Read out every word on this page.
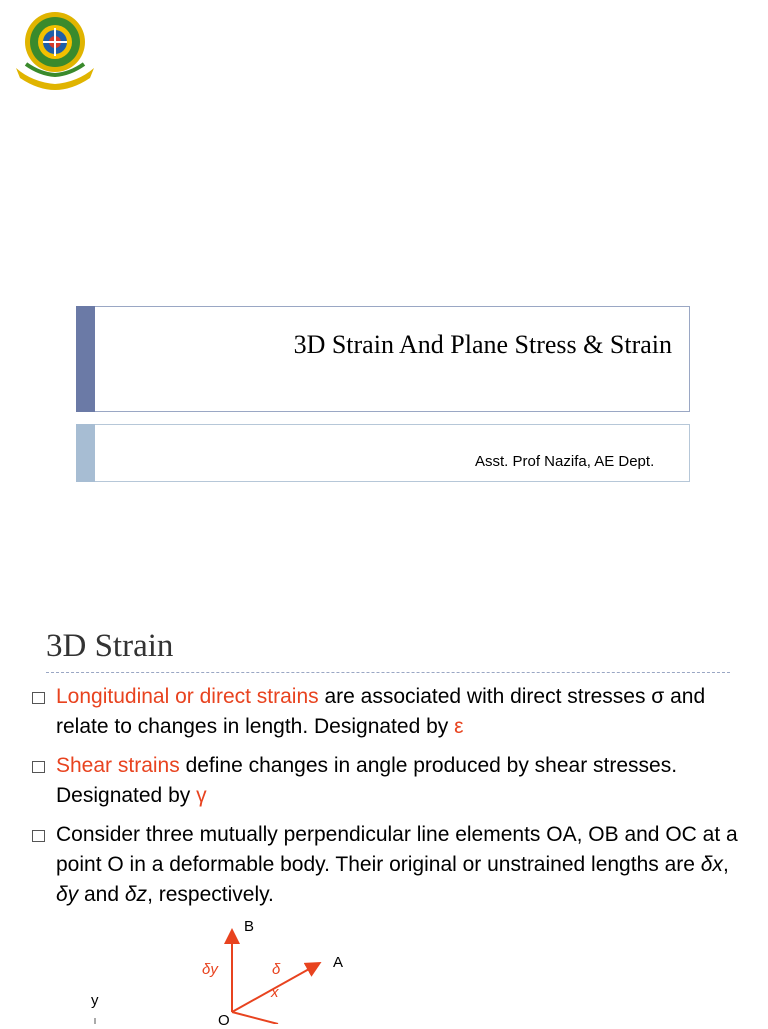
3D Strain And Plane Stress & Strain
Asst. Prof Nazifa, AE Dept.
3D Strain
Longitudinal or direct strains are associated with direct stresses σ and relate to changes in length. Designated by ε
Shear strains define changes in angle produced by shear stresses. Designated by γ
Consider three mutually perpendicular line elements OA, OB and OC at a point O in a deformable body. Their original or unstrained lengths are δx, δy and δz, respectively.
B
A
O
y
δy	δ
x
